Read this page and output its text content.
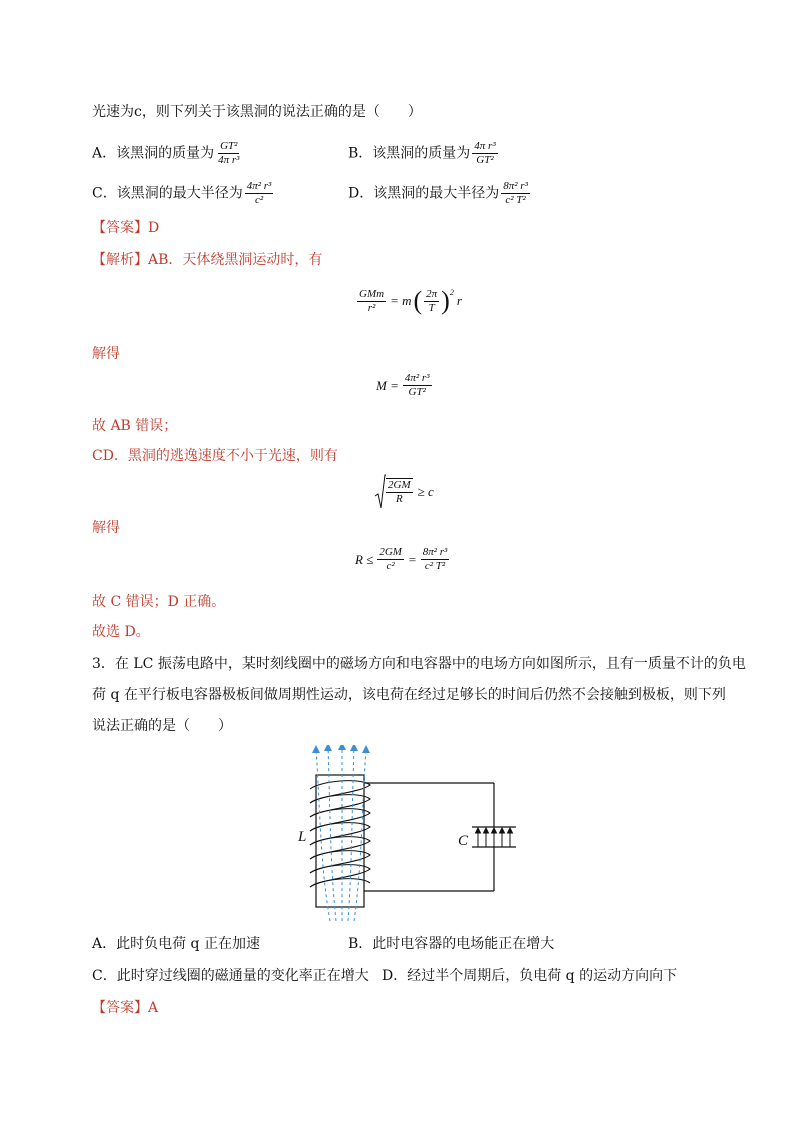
光速为c，则下列关于该黑洞的说法正确的是（　　）
A．该黑洞的质量为 $\frac{\text{GT²}}{\text{4π r³}}$	B．该黑洞的质量为 $\frac{\text{4π r³}}{\text{GT²}}$
C．该黑洞的最大半径为 $\frac{\text{4π² r³}}{\text{c²}}$	D．该黑洞的最大半径为 $\frac{\text{8π² r³}}{\text{c² T²}}$
【答案】D
【解析】AB．天体绕黑洞运动时，有
$\frac{\text{GMm}}{\text{r²}} = m$ ( $\frac{2\pi}{T} )^2$
r
解得
$M = \frac{\text{4π² r³}}{\text{GT²}}$
故 AB 错误；
CD．黑洞的逃逸速度不小于光速，则有
$\frac{2GM}{R} \ge c$
解得
$R \le \frac{2GM}{\text{c²}} = \frac{\text{8π² r³}}{\text{c² T²}}$
故 C 错误；D 正确。
故选 D。
3．在 LC 振荡电路中，某时刻线圈中的磁场方向和电容器中的电场方向如图所示，且有一质量不计的负电
荷 q 在平行板电容器极板间做周期性运动，该电荷在经过足够长的时间后仍然不会接触到极板，则下列
说法正确的是（　　）
L	C
A．此时负电荷 q 正在加速	B．此时电容器的电场能正在增大
C．此时穿过线圈的磁通量的变化率正在增大 D．经过半个周期后，负电荷 q 的运动方向向下
【答案】A
